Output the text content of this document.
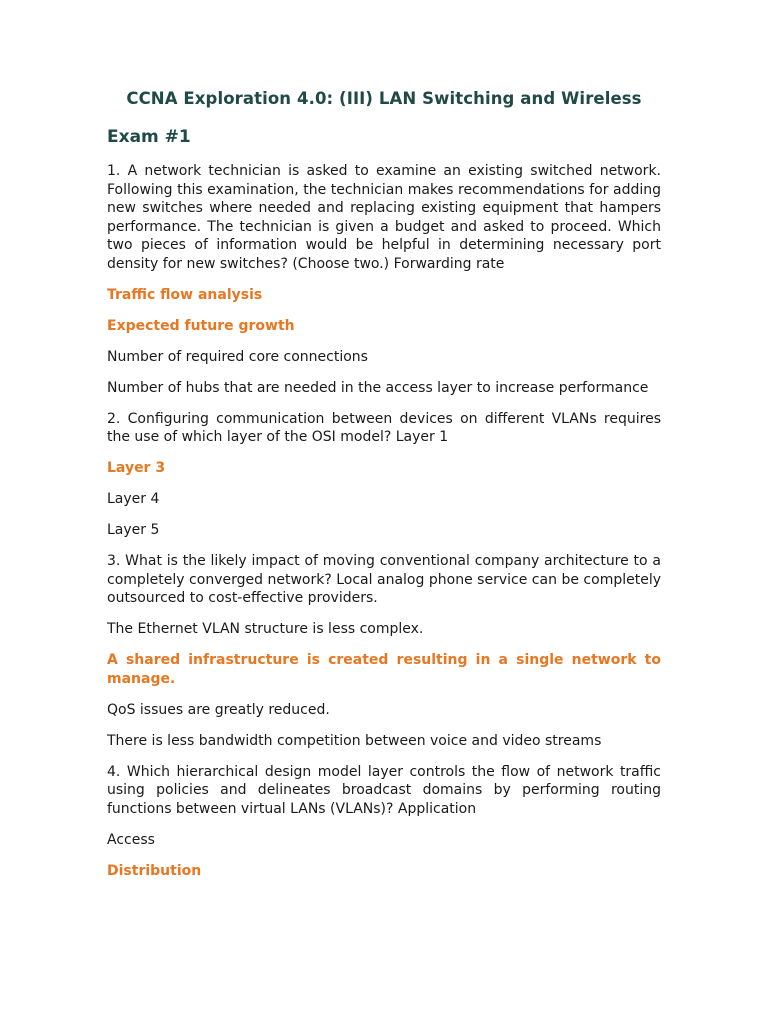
CCNA Exploration 4.0: (III) LAN Switching and Wireless
Exam #1

1. A network technician is asked to examine an existing switched network. Following this examination, the technician makes recommendations for adding new switches where needed and replacing existing equipment that hampers performance. The technician is given a budget and asked to proceed. Which two pieces of information would be helpful in determining necessary port density for new switches? (Choose two.) Forwarding rate

Traffic flow analysis

Expected future growth

Number of required core connections

Number of hubs that are needed in the access layer to increase performance

2. Configuring communication between devices on different VLANs requires the use of which layer of the OSI model? Layer 1

Layer 3

Layer 4

Layer 5

3. What is the likely impact of moving conventional company architecture to a completely converged network? Local analog phone service can be completely outsourced to cost-effective providers.

The Ethernet VLAN structure is less complex.

A shared infrastructure is created resulting in a single network to manage.

QoS issues are greatly reduced.

There is less bandwidth competition between voice and video streams

4. Which hierarchical design model layer controls the flow of network traffic using policies and delineates broadcast domains by performing routing functions between virtual LANs (VLANs)? Application

Access

Distribution
